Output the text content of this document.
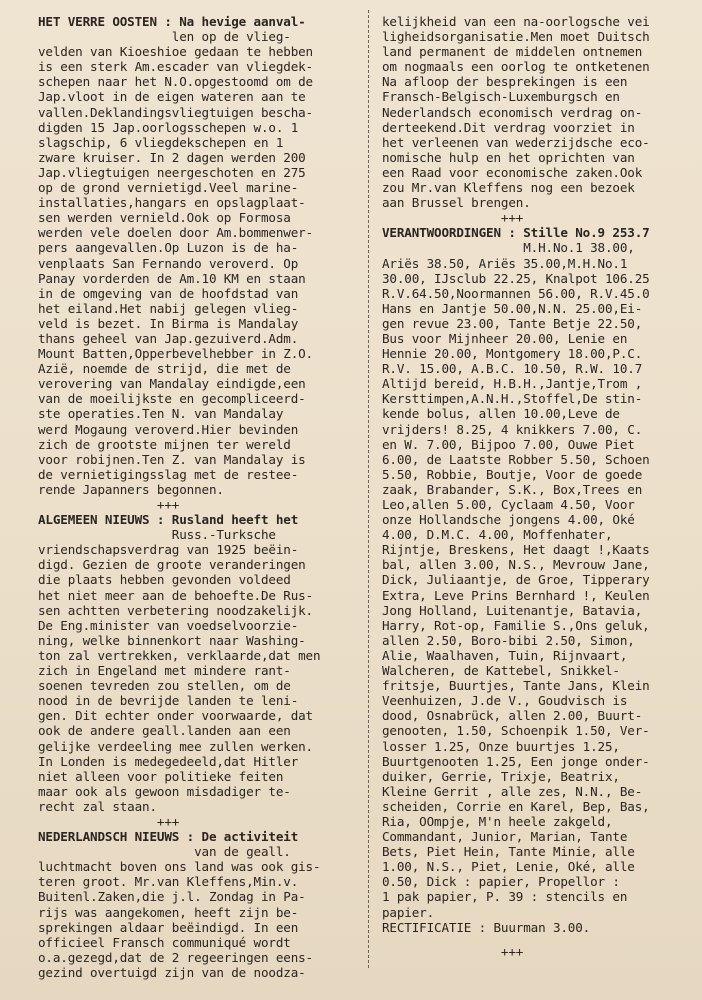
HET VERRE OOSTEN : Na hevige aanval-
len op de vlieg-
velden van Kioeshioe gedaan te hebben
is een sterk Am.escader van vliegdek-
schepen naar het N.O.opgestoomd om de
Jap.vloot in de eigen wateren aan te
vallen.Deklandingsvliegtuigen bescha-
digden 15 Jap.oorlogsschepen w.o. 1
slagschip, 6 vliegdekschepen en 1
zware kruiser. In 2 dagen werden 200
Jap.vliegtuigen neergeschoten en 275
op de grond vernietigd.Veel marine-
installaties,hangars en opslagplaat-
sen werden vernield.Ook op Formosa
werden vele doelen door Am.bommenwer-
pers aangevallen.Op Luzon is de ha-
venplaats San Fernando veroverd. Op
Panay vorderden de Am.10 KM en staan
in de omgeving van de hoofdstad van
het eiland.Het nabij gelegen vlieg-
veld is bezet. In Birma is Mandalay
thans geheel van Jap.gezuiverd.Adm.
Mount Batten,Opperbevelhebber in Z.O.
Azië, noemde de strijd, die met de
verovering van Mandalay eindigde,een
van de moeilijkste en gecompliceerd-
ste operaties.Ten N. van Mandalay
werd Mogaung veroverd.Hier bevinden
zich de grootste mijnen ter wereld
voor robijnen.Ten Z. van Mandalay is
de vernietigingsslag met de restee-
rende Japanners begonnen.
+++
ALGEMEEN NIEUWS : Rusland heeft het
Russ.-Turksche
vriendschapsverdrag van 1925 beëin-
digd. Gezien de groote veranderingen
die plaats hebben gevonden voldeed
het niet meer aan de behoefte.De Rus-
sen achtten verbetering noodzakelijk.
De Eng.minister van voedselvoorzie-
ning, welke binnenkort naar Washing-
ton zal vertrekken, verklaarde,dat men
zich in Engeland met mindere rant-
soenen tevreden zou stellen, om de
nood in de bevrijde landen te leni-
gen. Dit echter onder voorwaarde, dat
ook de andere geall.landen aan een
gelijke verdeeling mee zullen werken.
In Londen is medegedeeld,dat Hitler
niet alleen voor politieke feiten
maar ook als gewoon misdadiger te-
recht zal staan.
+++
NEDERLANDSCH NIEUWS : De activiteit
van de geall.
luchtmacht boven ons land was ook gis-
teren groot. Mr.van Kleffens,Min.v.
Buitenl.Zaken,die j.l. Zondag in Pa-
rijs was aangekomen, heeft zijn be-
sprekingen aldaar beëindigd. In een
officieel Fransch communiqué wordt
o.a.gezegd,dat de 2 regeeringen eens-
gezind overtuigd zijn van de noodza-
kelijkheid van een na-oorlogsche vei
ligheidsorganisatie.Men moet Duitsch
land permanent de middelen ontnemen
om nogmaals een oorlog te ontketenen
Na afloop der besprekingen is een
Fransch-Belgisch-Luxemburgsch en
Nederlandsch economisch verdrag on-
derteekend.Dit verdrag voorziet in
het verleenen van wederzijdsche eco-
nomische hulp en het oprichten van
een Raad voor economische zaken.Ook
zou Mr.van Kleffens nog een bezoek
aan Brussel brengen.
+++
VERANTWOORDINGEN : Stille No.9 253.7
M.H.No.1 38.00,
Ariës 38.50, Ariës 35.00,M.H.No.1
30.00, IJsclub 22.25, Knalpot 106.25
R.V.64.50,Noormannen 56.00, R.V.45.0
Hans en Jantje 50.00,N.N. 25.00,Ei-
gen revue 23.00, Tante Betje 22.50,
Bus voor Mijnheer 20.00, Lenie en
Hennie 20.00, Montgomery 18.00,P.C.
R.V. 15.00, A.B.C. 10.50, R.W. 10.7
Altijd bereid, H.B.H.,Jantje,Trom ,
Kersttimpen,A.N.H.,Stoffel,De stin-
kende bolus, allen 10.00,Leve de
vrijders! 8.25, 4 knikkers 7.00, C.
en W. 7.00, Bijpoo 7.00, Ouwe Piet
6.00, de Laatste Robber 5.50, Schoen
5.50, Robbie, Boutje, Voor de goede
zaak, Brabander, S.K., Box,Trees en
Leo,allen 5.00, Cyclaam 4.50, Voor
onze Hollandsche jongens 4.00, Oké
4.00, D.M.C. 4.00, Moffenhater,
Rijntje, Breskens, Het daagt !,Kaats
bal, allen 3.00, N.S., Mevrouw Jane,
Dick, Juliaantje, de Groe, Tipperary
Extra, Leve Prins Bernhard !, Keulen
Jong Holland, Luitenantje, Batavia,
Harry, Rot-op, Familie S.,Ons geluk,
allen 2.50, Boro-bibi 2.50, Simon,
Alie, Waalhaven, Tuin, Rijnvaart,
Walcheren, de Kattebel, Snikkel-
fritsje, Buurtjes, Tante Jans, Klein
Veenhuizen, J.de V., Goudvisch is
dood, Osnabrück, allen 2.00, Buurt-
genooten, 1.50, Schoenpik 1.50, Ver-
losser 1.25, Onze buurtjes 1.25,
Buurtgenooten 1.25, Een jonge onder-
duiker, Gerrie, Trixje, Beatrix,
Kleine Gerrit , alle zes, N.N., Be-
scheiden, Corrie en Karel, Bep, Bas,
Ria, OOmpje, M'n heele zakgeld,
Commandant, Junior, Marian, Tante
Bets, Piet Hein, Tante Minie, alle
1.00, N.S., Piet, Lenie, Oké, alle
0.50, Dick : papier, Propellor :
1 pak papier, P. 39 : stencils en
papier.
RECTIFICATIE : Buurman 3.00.
+++
